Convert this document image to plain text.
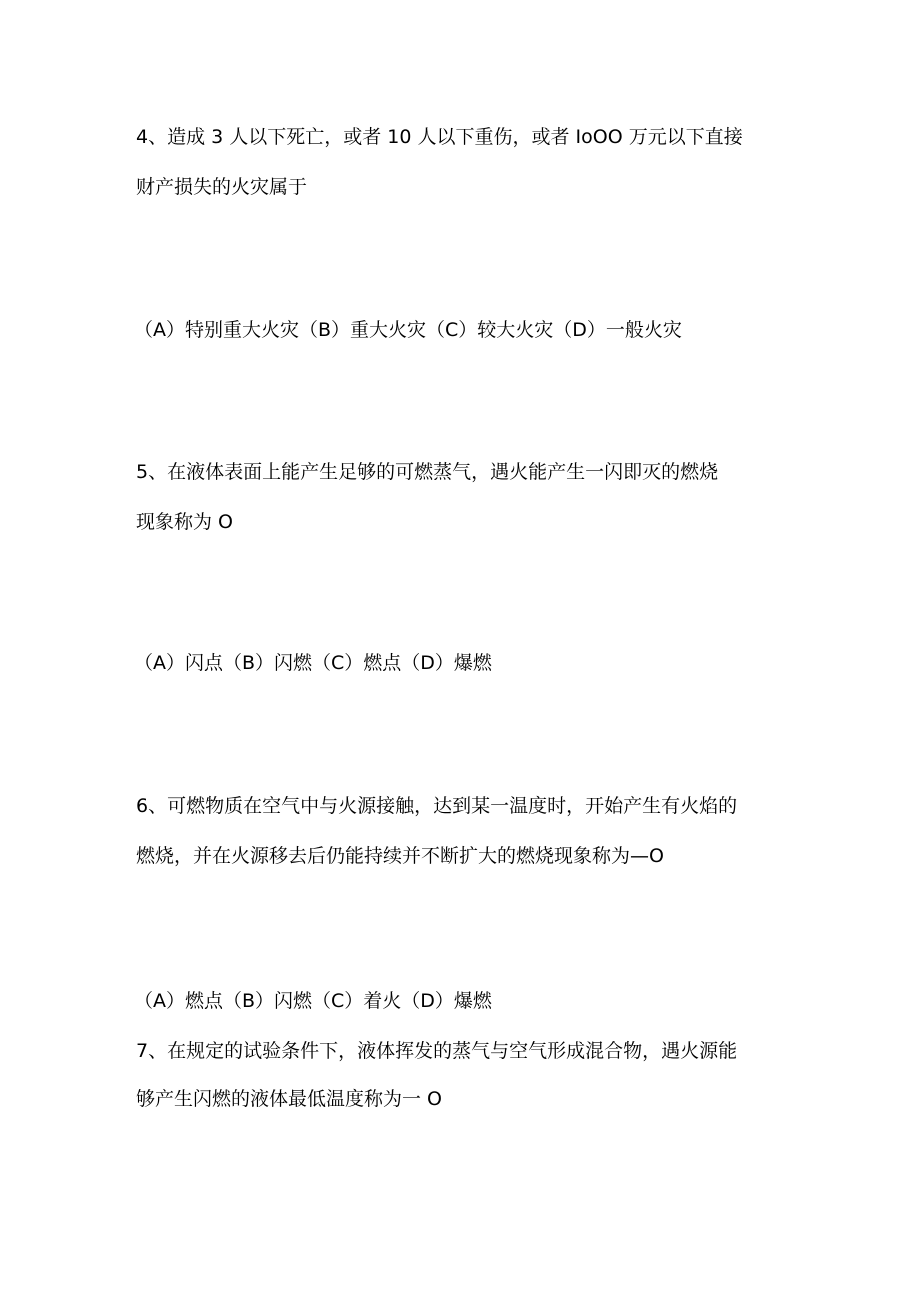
4、造成 3 人以下死亡，或者 10 人以下重伤，或者 IoOO 万元以下直接
财产损失的火灾属于
（A）特别重大火灾（B）重大火灾（C）较大火灾（D）一般火灾
5、在液体表面上能产生足够的可燃蒸气，遇火能产生一闪即灭的燃烧
现象称为 O
（A）闪点（B）闪燃（C）燃点（D）爆燃
6、可燃物质在空气中与火源接触，达到某一温度时，开始产生有火焰的
燃烧，并在火源移去后仍能持续并不断扩大的燃烧现象称为—O
（A）燃点（B）闪燃（C）着火（D）爆燃
7、在规定的试验条件下，液体挥发的蒸气与空气形成混合物，遇火源能
够产生闪燃的液体最低温度称为一 O
